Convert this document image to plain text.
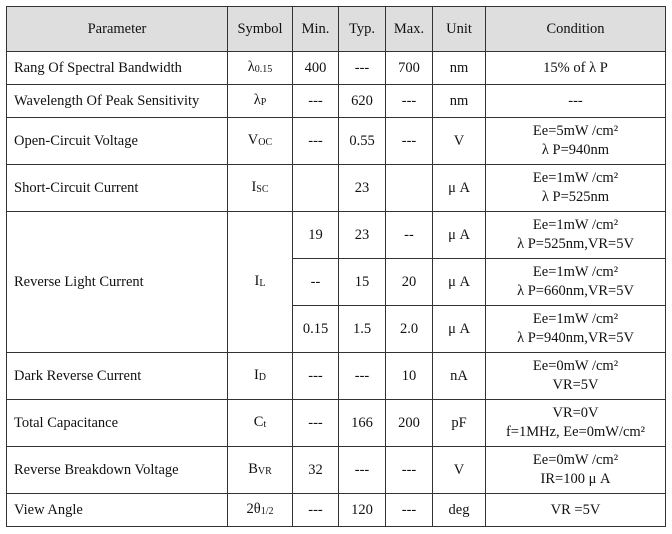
Parameter	Symbol	Min.	Typ.	Max.	Unit	Condition
Rang Of Spectral Bandwidth	$\lambda_{0.15}$	400	---	700	nm	15% of λ P

Wavelength Of Peak Sensitivity	$\lambda_P$	---	620	---	nm	---

Open-Circuit Voltage	$V_{OC}$	---	0.55	---	V	Ee=5mW /cm²
λ P=940nm

Short-Circuit Current	$I_{SC}$		23		μ A	Ee=1mW /cm²
λ P=525nm

Reverse Light Current	$I_L$	19	23	--	μ A	Ee=1mW /cm²
λ P=525nm,VR=5V

		--	15	20	μ A	Ee=1mW /cm²
λ P=660nm,VR=5V

		0.15	1.5	2.0	μ A	Ee=1mW /cm²
λ P=940nm,VR=5V

Dark Reverse Current	$I_D$	---	---	10	nA	Ee=0mW /cm²
VR=5V

Total Capacitance	$C_t$	---	166	200	pF	VR=0V
f=1MHz, Ee=0mW/cm²

Reverse Breakdown Voltage	$B_{VR}$	32	---	---	V	Ee=0mW /cm²
IR=100 μ A

View Angle	$2\theta_{1/2}$	---	120	---	deg	VR =5V
